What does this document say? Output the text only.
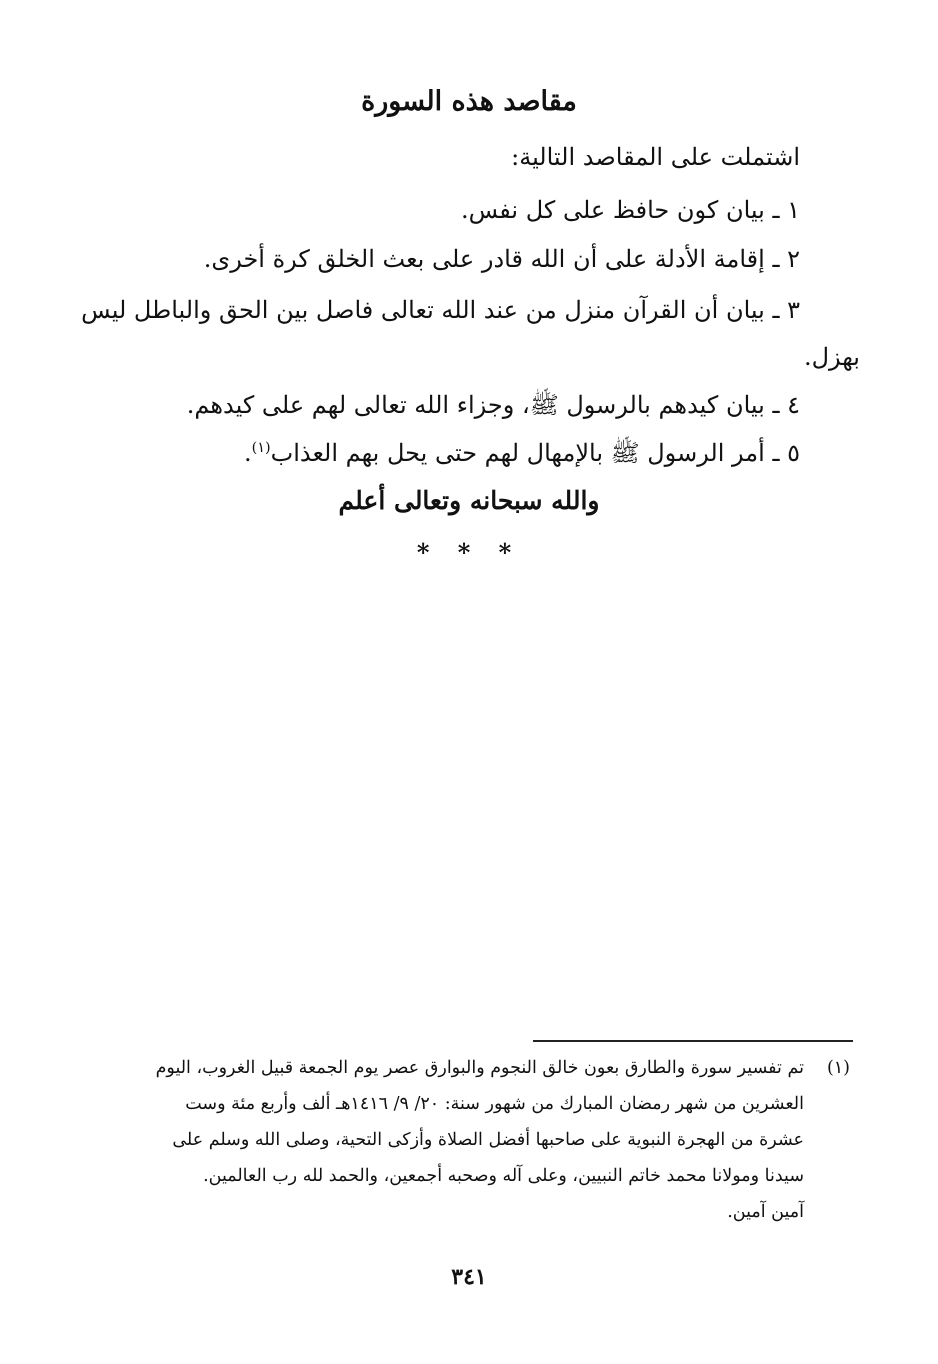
مقاصد هذه السورة
اشتملت على المقاصد التالية:
١ ـ بيان كون حافظ على كل نفس.
٢ ـ إقامة الأدلة على أن الله قادر على بعث الخلق كرة أخرى.
٣ ـ بيان أن القرآن منزل من عند الله تعالى فاصل بين الحق والباطل ليس
بهزل.
٤ ـ بيان كيدهم بالرسول ﷺ، وجزاء الله تعالى لهم على كيدهم.
٥ ـ أمر الرسول ﷺ بالإمهال لهم حتى يحل بهم العذاب$^{(١)}$.
والله سبحانه وتعالى أعلم
* * *
(١)
تم تفسير سورة والطارق بعون خالق النجوم والبوارق عصر يوم الجمعة قبيل الغروب، اليوم
العشرين من شهر رمضان المبارك من شهور سنة: ٢٠/ ٩/ ١٤١٦هـ ألف وأربع مئة وست
عشرة من الهجرة النبوية على صاحبها أفضل الصلاة وأزكى التحية، وصلى الله وسلم على
سيدنا ومولانا محمد خاتم النبيين، وعلى آله وصحبه أجمعين، والحمد لله رب العالمين.
آمين آمين.
٣٤١
